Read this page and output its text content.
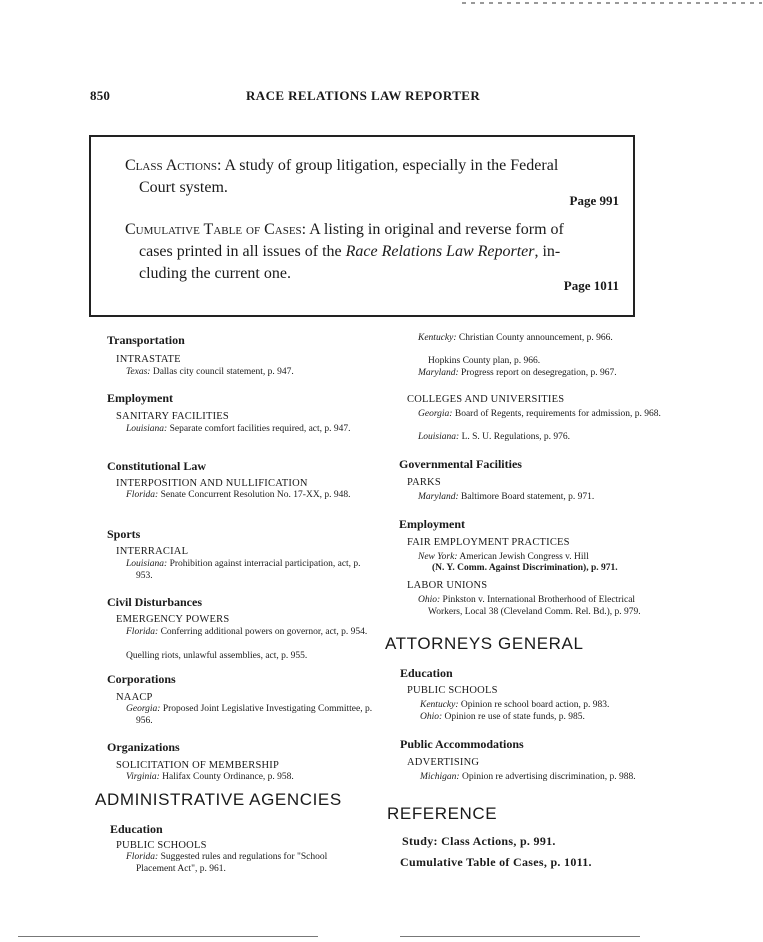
850	RACE RELATIONS LAW REPORTER
Class Actions: A study of group litigation, especially in the Federal
Court system.
Page 991
Cumulative Table of Cases: A listing in original and reverse form of
cases printed in all issues of the Race Relations Law Reporter, in-
cluding the current one.
Page 1011
Transportation
INTRASTATE
Texas: Dallas city council statement, p. 947.
Employment
SANITARY FACILITIES
Louisiana: Separate comfort facilities required, act, p. 947.
Constitutional Law
INTERPOSITION AND NULLIFICATION
Florida: Senate Concurrent Resolution No. 17-XX, p. 948.
Sports
INTERRACIAL
Louisiana: Prohibition against interracial participation, act, p. 953.
Civil Disturbances
EMERGENCY POWERS
Florida: Conferring additional powers on governor, act, p. 954.
Quelling riots, unlawful assemblies, act, p. 955.
Corporations
NAACP
Georgia: Proposed Joint Legislative Investigating Committee, p. 956.
Organizations
SOLICITATION OF MEMBERSHIP
Virginia: Halifax County Ordinance, p. 958.
ADMINISTRATIVE AGENCIES
Education
PUBLIC SCHOOLS
Florida: Suggested rules and regulations for "School Placement Act", p. 961.
Kentucky: Christian County announcement, p. 966.
Hopkins County plan, p. 966.
Maryland: Progress report on desegregation, p. 967.
COLLEGES AND UNIVERSITIES
Georgia: Board of Regents, requirements for admission, p. 968.
Louisiana: L. S. U. Regulations, p. 976.
Governmental Facilities
PARKS
Maryland: Baltimore Board statement, p. 971.
Employment
FAIR EMPLOYMENT PRACTICES
New York: American Jewish Congress v. Hill
(N. Y. Comm. Against Discrimination), p. 971.
LABOR UNIONS
Ohio: Pinkston v. International Brotherhood of Electrical Workers, Local 38 (Cleveland Comm. Rel. Bd.), p. 979.
ATTORNEYS GENERAL
Education
PUBLIC SCHOOLS
Kentucky: Opinion re school board action, p. 983.
Ohio: Opinion re use of state funds, p. 985.
Public Accommodations
ADVERTISING
Michigan: Opinion re advertising discrimination, p. 988.
REFERENCE
Study: Class Actions, p. 991.
Cumulative Table of Cases, p. 1011.
